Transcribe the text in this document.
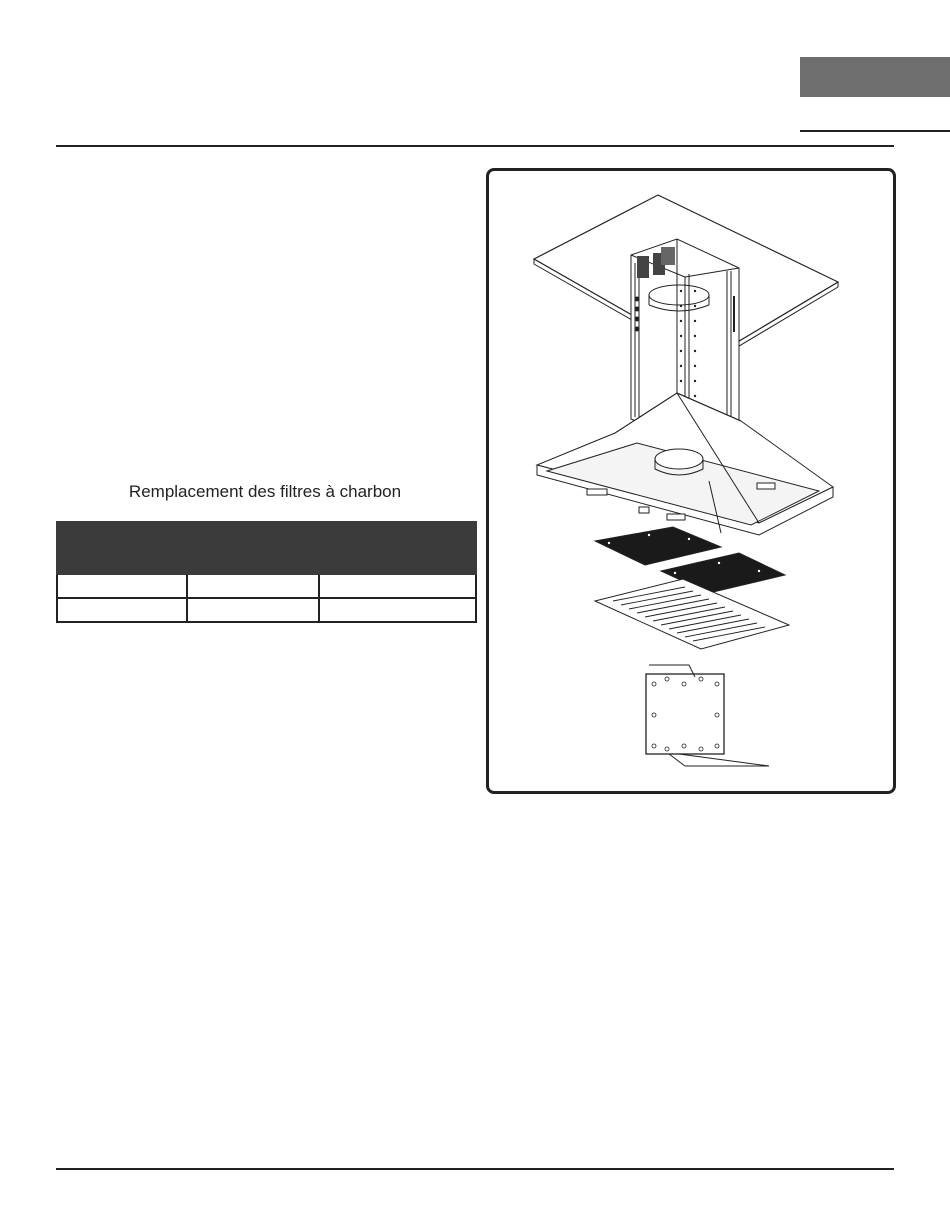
Remplacement des filtres à charbon
